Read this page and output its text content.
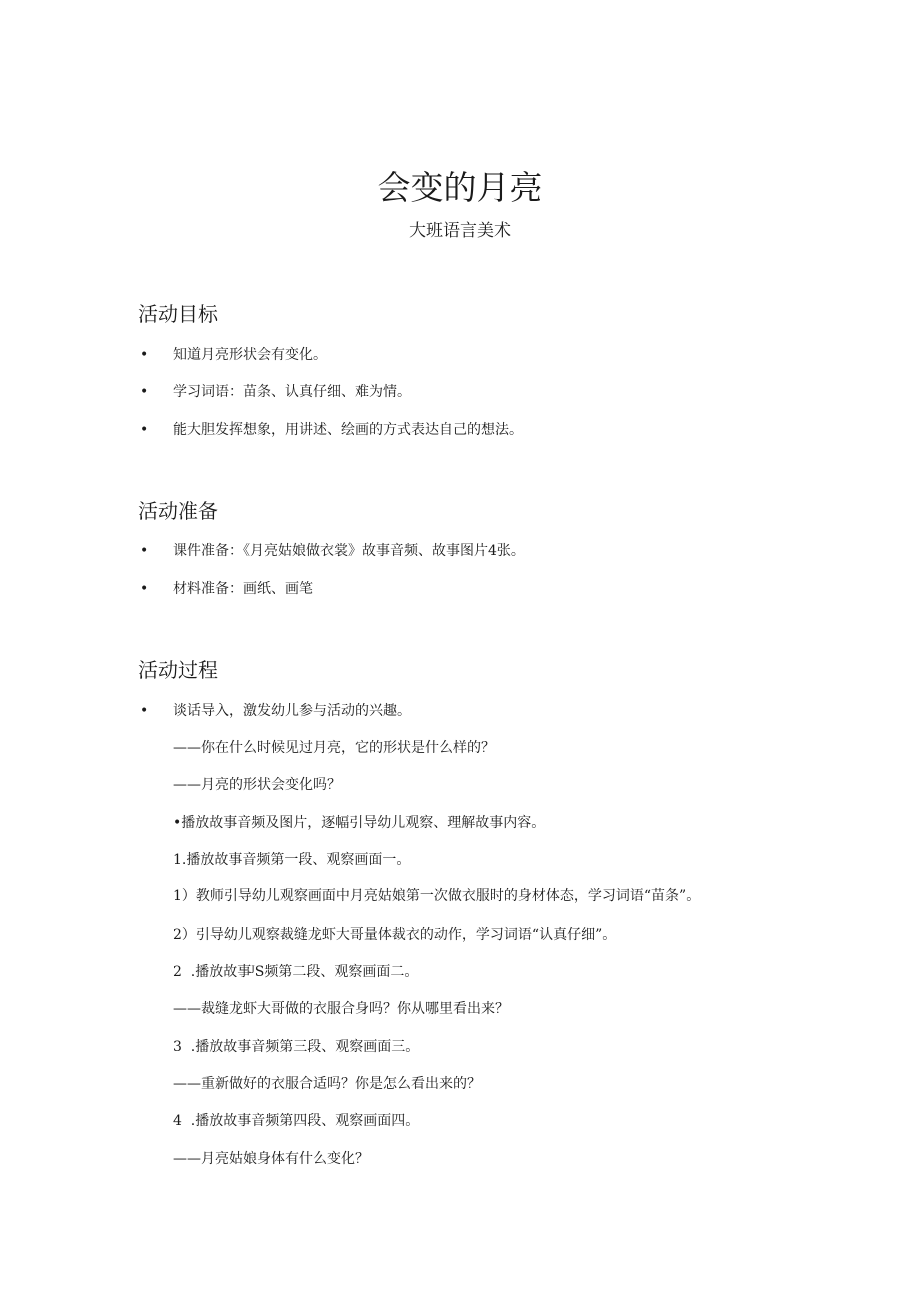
会变的月亮
大班语言美术
活动目标
• 知道月亮形状会有变化。
• 学习词语：苗条、认真仔细、难为情。
• 能大胆发挥想象，用讲述、绘画的方式表达自己的想法。
活动准备
• 课件准备：《月亮姑娘做衣裳》故事音频、故事图片4张。
• 材料准备：画纸、画笔
活动过程
• 谈话导入，激发幼儿参与活动的兴趣。
——你在什么时候见过月亮，它的形状是什么样的？
——月亮的形状会变化吗？
•播放故事音频及图片，逐幅引导幼儿观察、理解故事内容。
1.播放故事音频第一段、观察画面一。
1）教师引导幼儿观察画面中月亮姑娘第一次做衣服时的身材体态，学习词语“苗条”。
2）引导幼儿观察裁缝龙虾大哥量体裁衣的动作，学习词语“认真仔细”。
2  .播放故事ᴶS频第二段、观察画面二。
——裁缝龙虾大哥做的衣服合身吗？你从哪里看出来？
3  .播放故事音频第三段、观察画面三。
——重新做好的衣服合适吗？你是怎么看出来的？
4  .播放故事音频第四段、观察画面四。
——月亮姑娘身体有什么变化？
